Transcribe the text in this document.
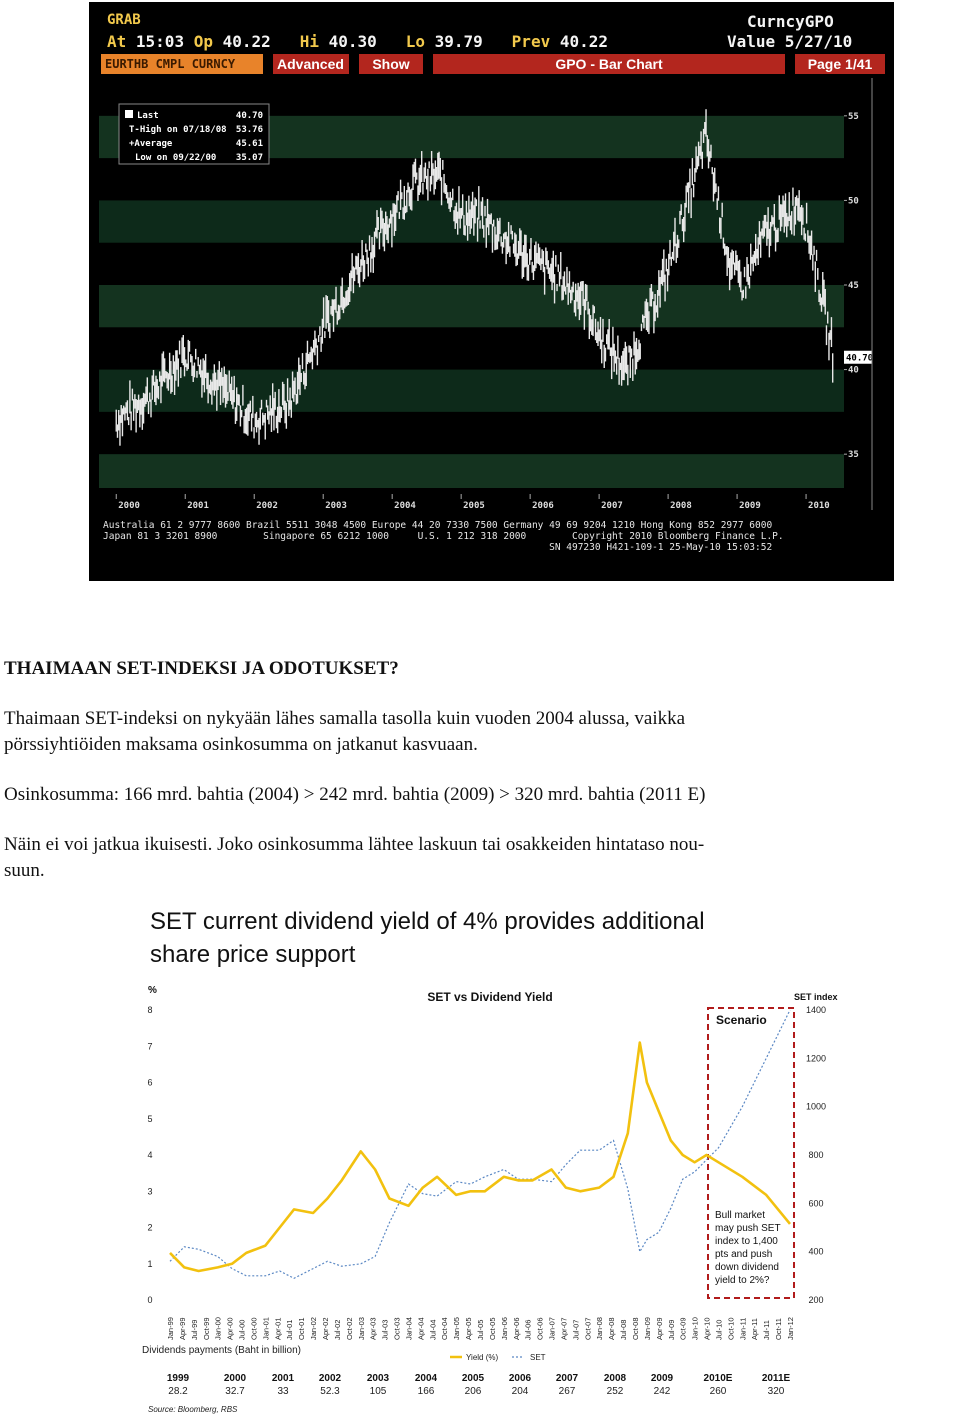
GRAB
At 15:03 Op 40.22 Hi 40.30 Lo 39.79 Prev 40.22
CurncyGPO
Value 5/27/10
EURTHB CMPL CURNCY	Advanced	Show	GPO - Bar Chart	Page 1/41
Last	40.70
T-High on 07/18/08 53.76
+Average	45.61
Low on 09/22/00 35.07
2000	2001	2002	2003	2004	2005	2006	2007	2008	2009	2010
55
50
45
40
35
40.70
Australia 61 2 9777 8600 Brazil 5511 3048 4500 Europe 44 20 7330 7500 Germany 49 69 9204 1210 Hong Kong 852 2977 6000
Japan 81 3 3201 8900        Singapore 65 6212 1000     U.S. 1 212 318 2000        Copyright 2010 Bloomberg Finance L.P.
SN 497230 H421-109-1 25-May-10 15:03:52
THAIMAAN SET-INDEKSI JA ODOTUKSET?
Thaimaan SET-indeksi on nykyään lähes samalla tasolla kuin vuoden 2004 alussa, vaikka
pörssiyhtiöiden maksama osinkosumma on jatkanut kasvuaan.
Osinkosumma: 166 mrd. bahtia (2004) > 242 mrd. bahtia (2009) > 320 mrd. bahtia (2011 E)
Näin ei voi jatkua ikuisesti. Joko osinkosumma lähtee laskuun tai osakkeiden hintataso nou-
suun.
SET current dividend yield of 4% provides additional
share price support
%	SET vs Dividend Yield	SET index
0
1
2
3
4
5
6
7
8
200
400
600
800
1000
1200
1400
Scenario
Bull market
may push SET
index to 1,400
pts and push
down dividend
yield to 2%?
Jan-99 Apr-99 Jul-99 Oct-99 Jan-00 Apr-00 Jul-00 Oct-00 Jan-01 Apr-01 Jul-01 Oct-01 Jan-02 Apr-02 Jul-02 Oct-02 Jan-03 Apr-03 Jul-03 Oct-03 Jan-04 Apr-04 Jul-04 Oct-04 Jan-05 Apr-05 Jul-05 Oct-05 Jan-06 Apr-06 Jul-06 Oct-06 Jan-07 Apr-07 Jul-07 Oct-07 Jan-08 Apr-08 Jul-08 Oct-08 Jan-09 Apr-09 Jul-09 Oct-09 Jan-10 Apr-10 Jul-10 Oct-10 Jan-11 Apr-11 Jul-11 Oct-11 Jan-12
Dividends payments (Baht in billion)
Yield (%)	SET
1999
28.2
2000
32.7
2001
33
2002
52.3
2003
105
2004
166
2005
206
2006
204
2007
267
2008
252
2009
242
2010E
260
2011E
320
Source: Bloomberg, RBS
